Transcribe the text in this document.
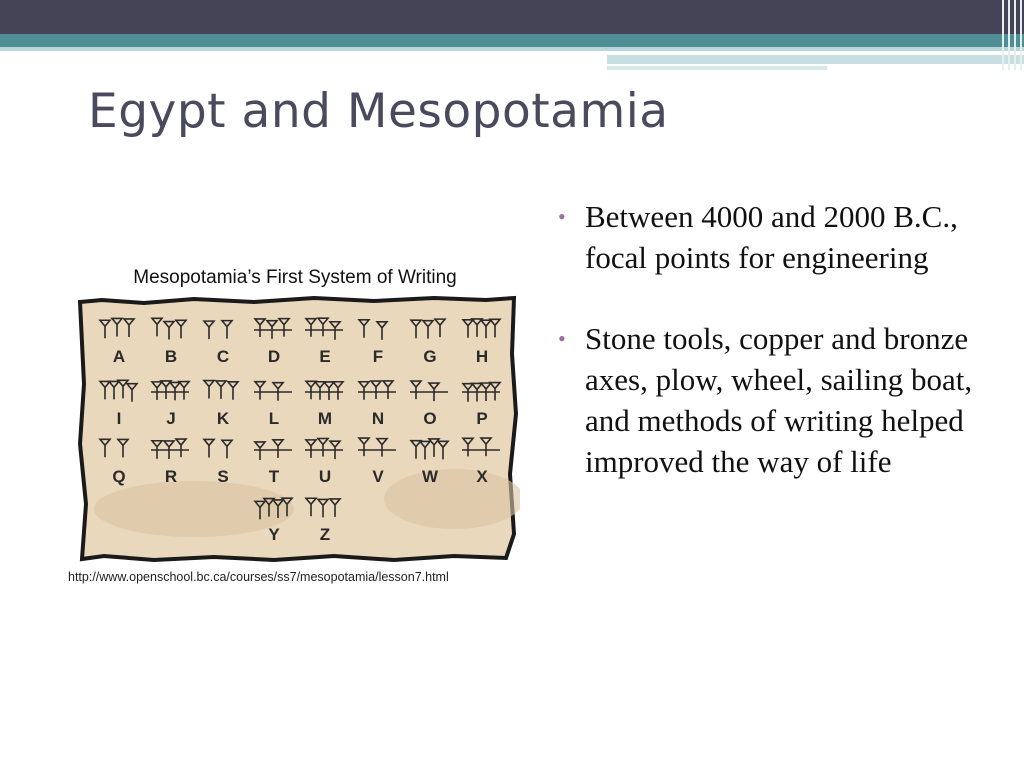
Egypt and Mesopotamia
Mesopotamia’s First System of Writing
A B C D E F G H
I	J K L M N O P
Q R S T U V W X
Y Z
http://www.openschool.bc.ca/courses/ss7/mesopotamia/lesson7.html
• Between 4000 and 2000 B.C., focal points for engineering
• Stone tools, copper and bronze axes, plow, wheel, sailing boat, and methods of writing helped improved the way of life
